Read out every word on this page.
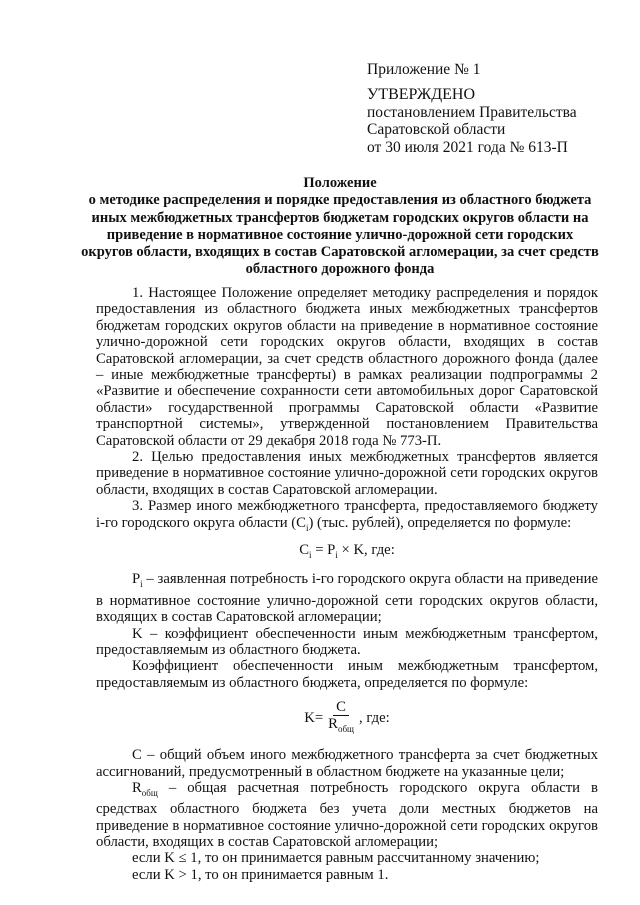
Приложение № 1
УТВЕРЖДЕНО
постановлением Правительства
Саратовской области
от 30 июля 2021 года № 613-П
Положение
о методике распределения и порядке предоставления из областного бюджета иных межбюджетных трансфертов бюджетам городских округов области на приведение в нормативное состояние улично-дорожной сети городских округов области, входящих в состав Саратовской агломерации, за счет средств областного дорожного фонда

1. Настоящее Положение определяет методику распределения и порядок предоставления из областного бюджета иных межбюджетных трансфертов бюджетам городских округов области на приведение в нормативное состояние улично-дорожной сети городских округов области, входящих в состав Саратовской агломерации, за счет средств областного дорожного фонда (далее – иные межбюджетные трансферты) в рамках реализации подпрограммы 2 «Развитие и обеспечение сохранности сети автомобильных дорог Саратовской области» государственной программы Саратовской области «Развитие транспортной системы», утвержденной постановлением Правительства Саратовской области от 29 декабря 2018 года № 773-П.

2. Целью предоставления иных межбюджетных трансфертов является приведение в нормативное состояние улично-дорожной сети городских округов области, входящих в состав Саратовской агломерации.

3. Размер иного межбюджетного трансферта, предоставляемого бюджету i-го городского округа области $(C_i)$ (тыс. рублей), определяется по формуле:

$C_i = P_i \times K$, где:

$P_i$ – заявленная потребность i-го городского округа области на приведение в нормативное состояние улично-дорожной сети городских округов области, входящих в состав Саратовской агломерации;

K – коэффициент обеспеченности иным межбюджетным трансфертом, предоставляемым из областного бюджета.

Коэффициент обеспеченности иным межбюджетным трансфертом, предоставляемым из областного бюджета, определяется по формуле:

$K= \frac{C}{R_{общ}}$ , где:

C – общий объем иного межбюджетного трансферта за счет бюджетных ассигнований, предусмотренный в областном бюджете на указанные цели;

$R_{общ}$ – общая расчетная потребность городского округа области в средствах областного бюджета без учета доли местных бюджетов на приведение в нормативное состояние улично-дорожной сети городских округов области, входящих в состав Саратовской агломерации;

если K ≤ 1, то он принимается равным рассчитанному значению;

если K > 1, то он принимается равным 1.
